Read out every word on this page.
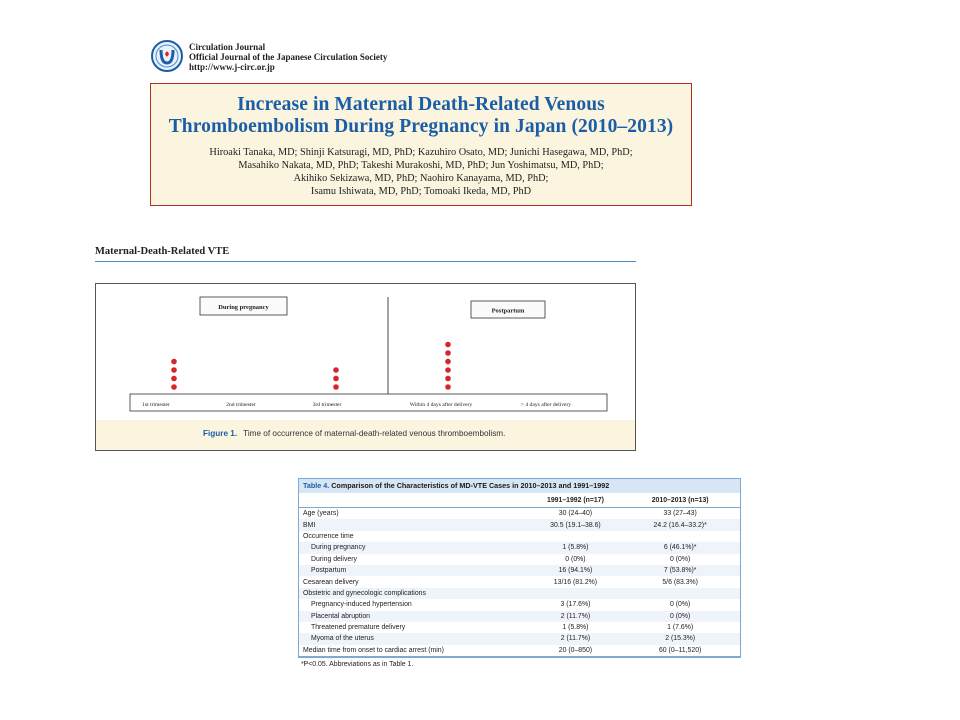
Circulation Journal
Official Journal of the Japanese Circulation Society
http://www.j-circ.or.jp
Increase in Maternal Death-Related Venous
Thromboembolism During Pregnancy in Japan (2010–2013)
Hiroaki Tanaka, MD; Shinji Katsuragi, MD, PhD; Kazuhiro Osato, MD; Junichi Hasegawa, MD, PhD;
Masahiko Nakata, MD, PhD; Takeshi Murakoshi, MD, PhD; Jun Yoshimatsu, MD, PhD;
Akihiko Sekizawa, MD, PhD; Naohiro Kanayama, MD, PhD;
Isamu Ishiwata, MD, PhD; Tomoaki Ikeda, MD, PhD
Maternal-Death-Related VTE
During pregnancy	Postpartum
1st trimester	2nd trimester	3rd trimester	Within 4 days after delivery	> 4 days after delivery
Figure 1. Time of occurrence of maternal-death-related venous thromboembolism.
Table 4. Comparison of the Characteristics of MD-VTE Cases in 2010–2013 and 1991–1992
	1991–1992 (n=17)	2010–2013 (n=13)
Age (years)	30 (24–40)	33 (27–43)
BMI	30.5 (19.1–38.6)	24.2 (16.4–33.2)*
Occurrence time		
During pregnancy	1 (5.8%)	6 (46.1%)*
During delivery	0 (0%)	0 (0%)
Postpartum	16 (94.1%)	7 (53.8%)*
Cesarean delivery	13/16 (81.2%)	5/6 (83.3%)
Obstetric and gynecologic complications		
Pregnancy-induced hypertension	3 (17.6%)	0 (0%)
Placental abruption	2 (11.7%)	0 (0%)
Threatened premature delivery	1 (5.8%)	1 (7.6%)
Myoma of the uterus	2 (11.7%)	2 (15.3%)
Median time from onset to cardiac arrest (min)	20 (0–850)	60 (0–11,520)
*P<0.05. Abbreviations as in Table 1.
